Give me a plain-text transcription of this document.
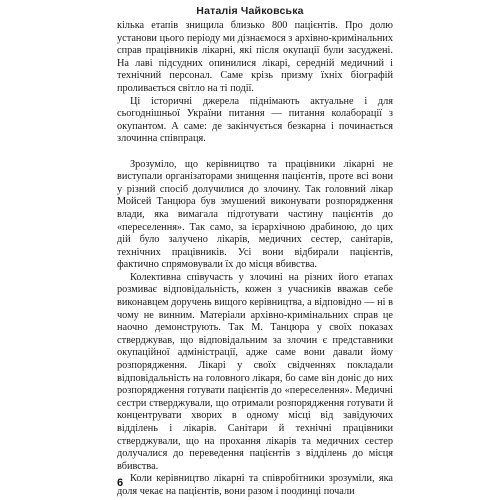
Наталія Чайковська

кілька етапів знищила близько 800 пацієнтів. Про долю установи цього періоду ми дізнаємося з архівно-кримінальних справ працівників лікарні, які після окупації були засуджені. На лаві підсудних опинилися лікарі, середній медичний і технічний персонал. Саме крізь призму їхніх біографій проливається світло на ті події.

Ці історичні джерела піднімають актуальне і для сьогоднішньої України питання — питання колаборації з окупантом. А саме: де закінчується безкарна і починається злочинна співпраця.

Зрозуміло, що керівництво та працівники лікарні не виступали організаторами знищення пацієнтів, проте всі вони у різний спосіб долучилися до злочину. Так головний лікар Мойсей Танцюра був змушений виконувати розпорядження влади, яка вимагала підготувати частину пацієнтів до «переселення». Так само, за ієрархічною драбиною, до цих дій було залучено лікарів, медичних сестер, санітарів, технічних працівників. Усі вони відбирали пацієнтів, фактично спрямовували їх до місця вбивства.

Колективна співучасть у злочині на різних його етапах розмиває відповідальність, кожен з учасників вважав себе виконавцем доручень вищого керівництва, а відповідно — ні в чому не винним. Матеріали архівно-кримінальних справ це наочно демонструють. Так М. Танцюра у своїх показах стверджував, що відповідальним за злочин є представники окупаційної адміністрації, адже саме вони давали йому розпорядження. Лікарі у своїх свідченнях покладали відповідальність на головного лікаря, бо саме він доніс до них розпорядження готувати пацієнтів до «переселення». Медичні сестри стверджували, що отримали розпорядження готувати й концентрувати хворих в одному місці від завідуючих відділень і лікарів. Санітари й технічні працівники стверджували, що на прохання лікарів та медичних сестер долучалися до переведення пацієнтів з відділень до місця вбивства.

Коли керівництво лікарні та співробітники зрозуміли, яка доля чекає на пацієнтів, вони разом і поодинці почали

6
